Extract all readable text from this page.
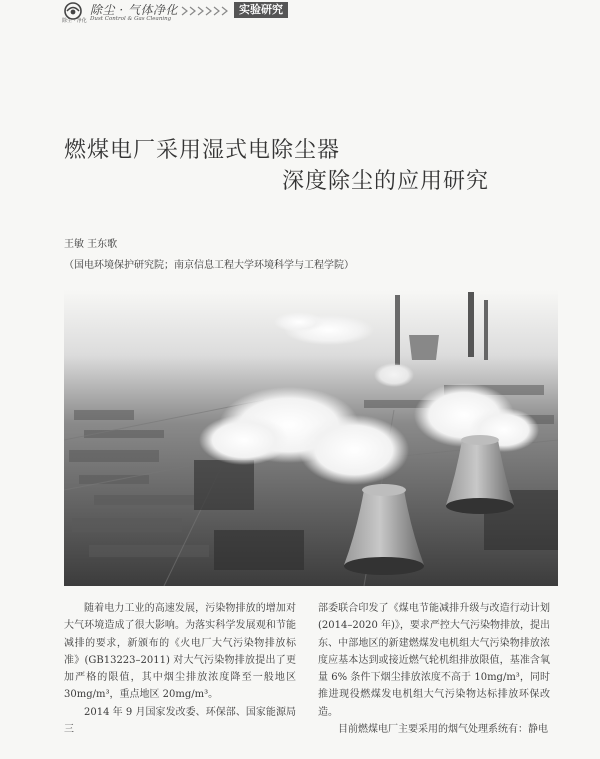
除尘 · 气体净化
除尘 · 净化 Dust Control & Gas Cleaning
实验研究
燃煤电厂采用湿式电除尘器
深度除尘的应用研究
王敏 王东歌
（国电环境保护研究院；南京信息工程大学环境科学与工程学院）

随着电力工业的高速发展，污染物排放的增加对大气环境造成了很大影响。为落实科学发展观和节能减排的要求，新颁布的《火电厂大气污染物排放标准》(GB13223–2011) 对大气污染物排放提出了更加严格的限值，其中烟尘排放浓度降至一般地区 30mg/m³，重点地区 20mg/m³。

2014 年 9 月国家发改委、环保部、国家能源局三

部委联合印发了《煤电节能减排升级与改造行动计划(2014–2020 年)》，要求严控大气污染物排放，提出东、中部地区的新建燃煤发电机组大气污染物排放浓度应基本达到或接近燃气轮机组排放限值，基准含氧量 6% 条件下烟尘排放浓度不高于 10mg/m³，同时推进现役燃煤发电机组大气污染物达标排放环保改造。

目前燃煤电厂主要采用的烟气处理系统有：静电
